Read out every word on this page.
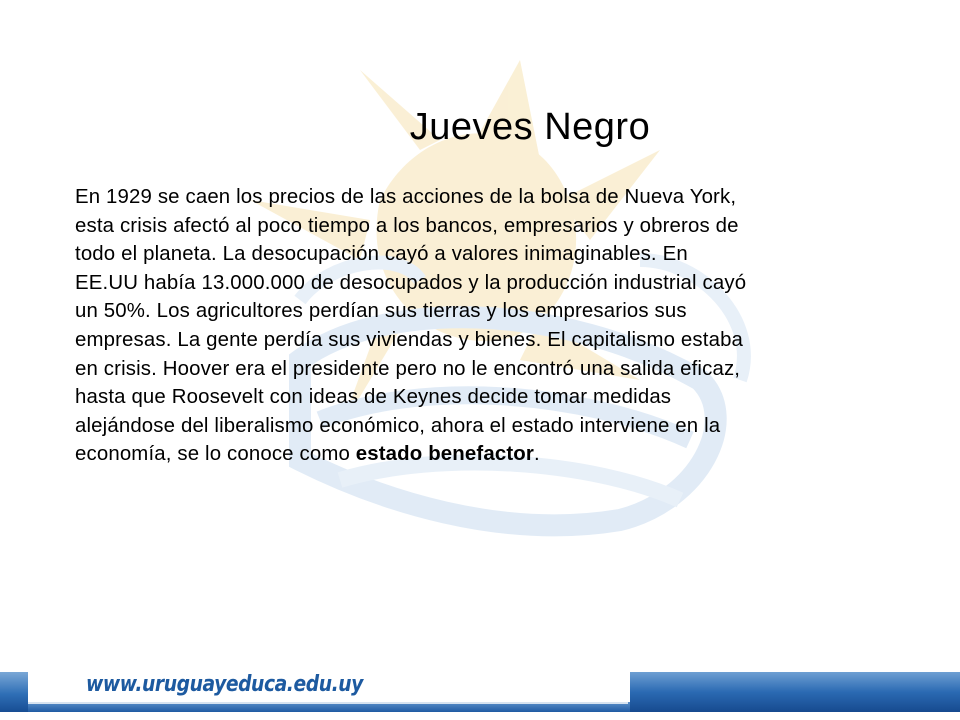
Jueves Negro
En 1929 se caen los precios de las acciones de la bolsa de Nueva York,
esta crisis afectó al poco tiempo a los bancos, empresarios y obreros de
todo el planeta. La desocupación cayó a valores inimaginables. En
EE.UU había 13.000.000 de desocupados y la producción industrial cayó
un 50%. Los agricultores perdían sus tierras y los empresarios sus
empresas. La gente perdía sus viviendas y bienes. El capitalismo estaba
en crisis. Hoover era el presidente pero no le encontró una salida eficaz,
hasta que Roosevelt con ideas de Keynes decide tomar medidas
alejándose del liberalismo económico, ahora el estado interviene en la
economía, se lo conoce como estado benefactor.
www.uruguayeduca.edu.uy
